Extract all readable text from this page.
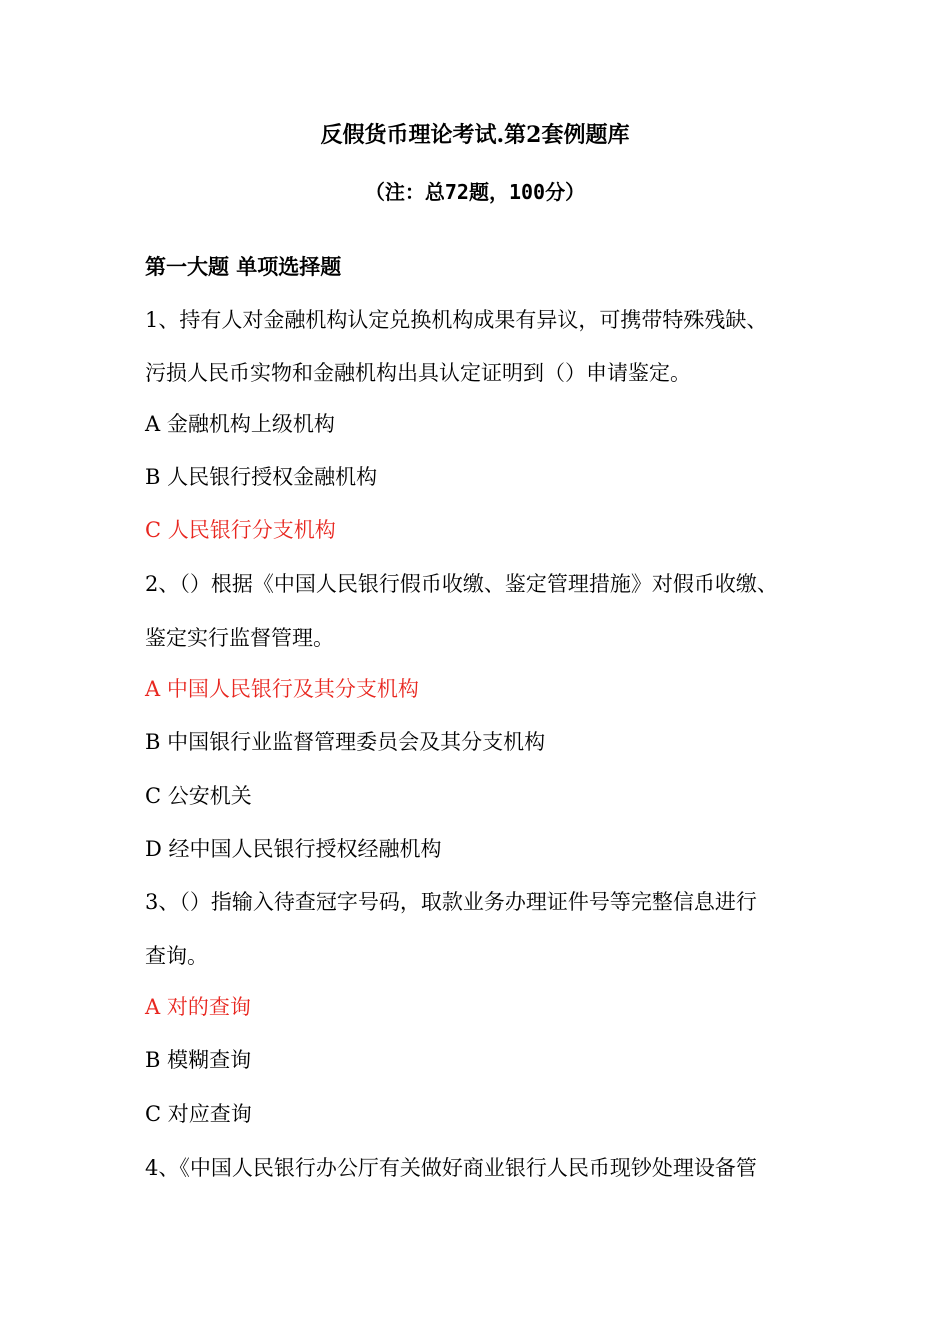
反假货币理论考试.第2套例题库
（注：总72题，100分）
第一大题 单项选择题
1、持有人对金融机构认定兑换机构成果有异议，可携带特殊残缺、
污损人民币实物和金融机构出具认定证明到（）申请鉴定。
A 金融机构上级机构
B 人民银行授权金融机构
C 人民银行分支机构
2、（）根据《中国人民银行假币收缴、鉴定管理措施》对假币收缴、
鉴定实行监督管理。
A 中国人民银行及其分支机构
B 中国银行业监督管理委员会及其分支机构
C 公安机关
D 经中国人民银行授权经融机构
3、（）指输入待查冠字号码，取款业务办理证件号等完整信息进行
查询。
A 对的查询
B 模糊查询
C 对应查询
4、《中国人民银行办公厅有关做好商业银行人民币现钞处理设备管
